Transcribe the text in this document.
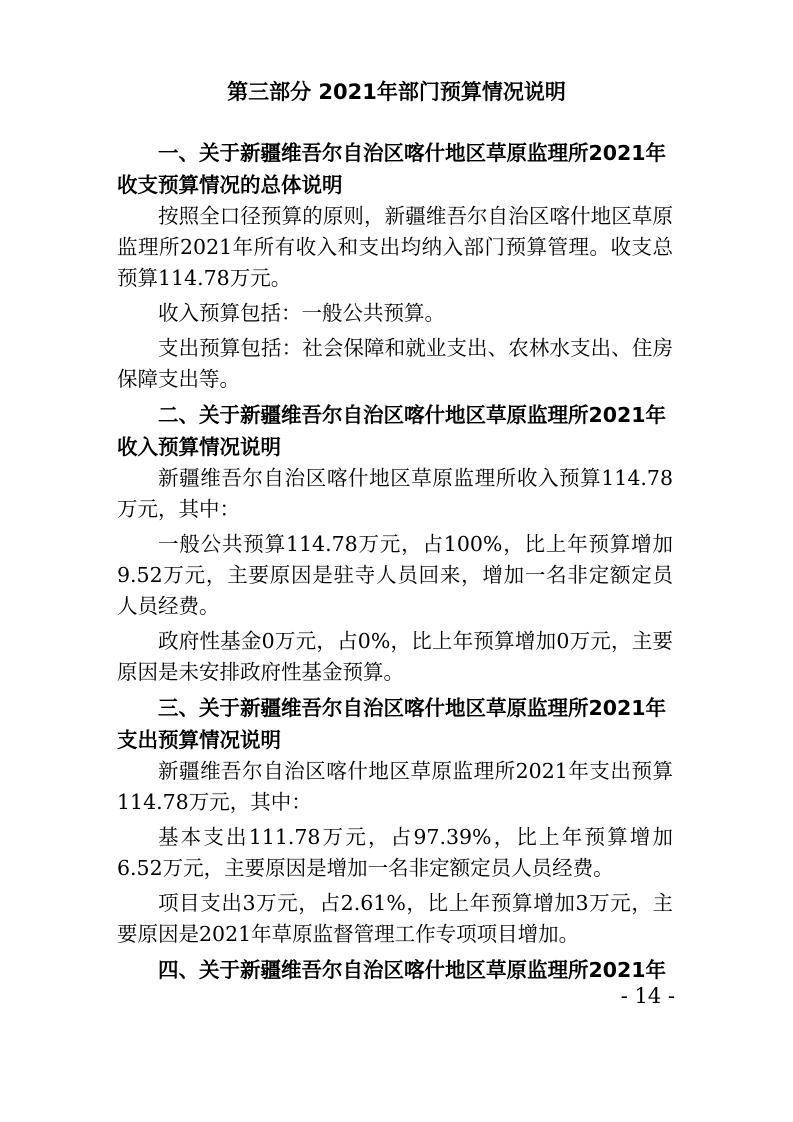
第三部分 2021年部门预算情况说明

一、关于新疆维吾尔自治区喀什地区草原监理所2021年收支预算情况的总体说明

按照全口径预算的原则，新疆维吾尔自治区喀什地区草原监理所2021年所有收入和支出均纳入部门预算管理。收支总预算114.78万元。

收入预算包括：一般公共预算。

支出预算包括：社会保障和就业支出、农林水支出、住房保障支出等。

二、关于新疆维吾尔自治区喀什地区草原监理所2021年收入预算情况说明

新疆维吾尔自治区喀什地区草原监理所收入预算114.78万元，其中：

一般公共预算114.78万元，占100%，比上年预算增加9.52万元，主要原因是驻寺人员回来，增加一名非定额定员人员经费。

政府性基金0万元，占0%，比上年预算增加0万元，主要原因是未安排政府性基金预算。

三、关于新疆维吾尔自治区喀什地区草原监理所2021年支出预算情况说明

新疆维吾尔自治区喀什地区草原监理所2021年支出预算114.78万元，其中：

基本支出111.78万元，占97.39%，比上年预算增加6.52万元，主要原因是增加一名非定额定员人员经费。

项目支出3万元，占2.61%，比上年预算增加3万元，主要原因是2021年草原监督管理工作专项项目增加。

四、关于新疆维吾尔自治区喀什地区草原监理所2021年

- 14 -
